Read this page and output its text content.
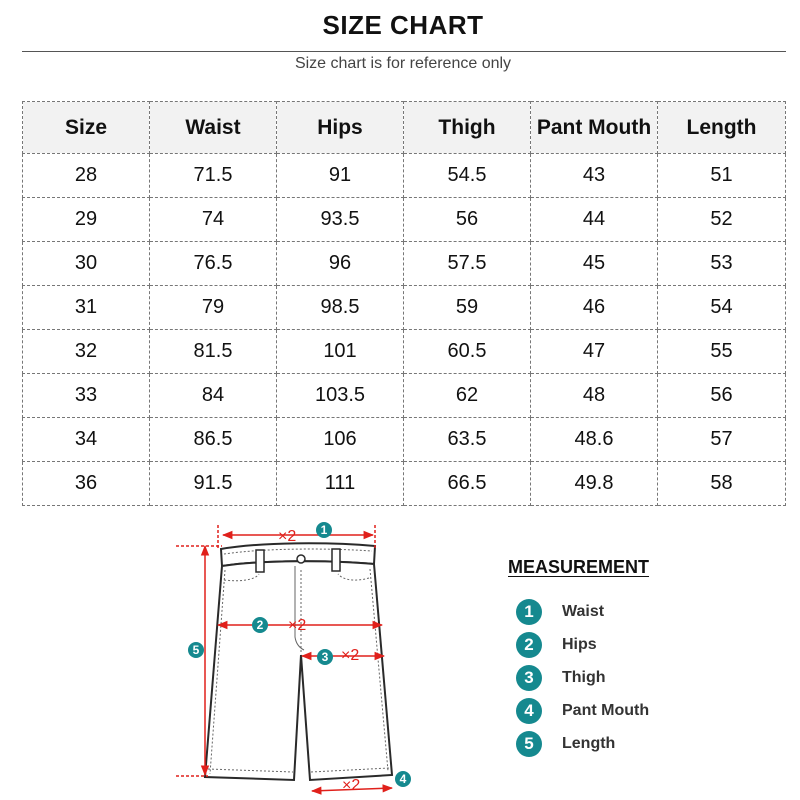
SIZE CHART
Size chart is for reference only
Size	Waist	Hips	Thigh	Pant Mouth	Length
28	71.5	91	54.5	43	51
29	74	93.5	56	44	52
30	76.5	96	57.5	45	53
31	79	98.5	59	46	54
32	81.5	101	60.5	47	55
33	84	103.5	62	48	56
34	86.5	106	63.5	48.6	57
36	91.5	111	66.5	49.8	58
×2
×2
×2
×2
1
2
3
4
5
MEASUREMENT
1	Waist
2	Hips
3	Thigh
4	Pant Mouth
5	Length
